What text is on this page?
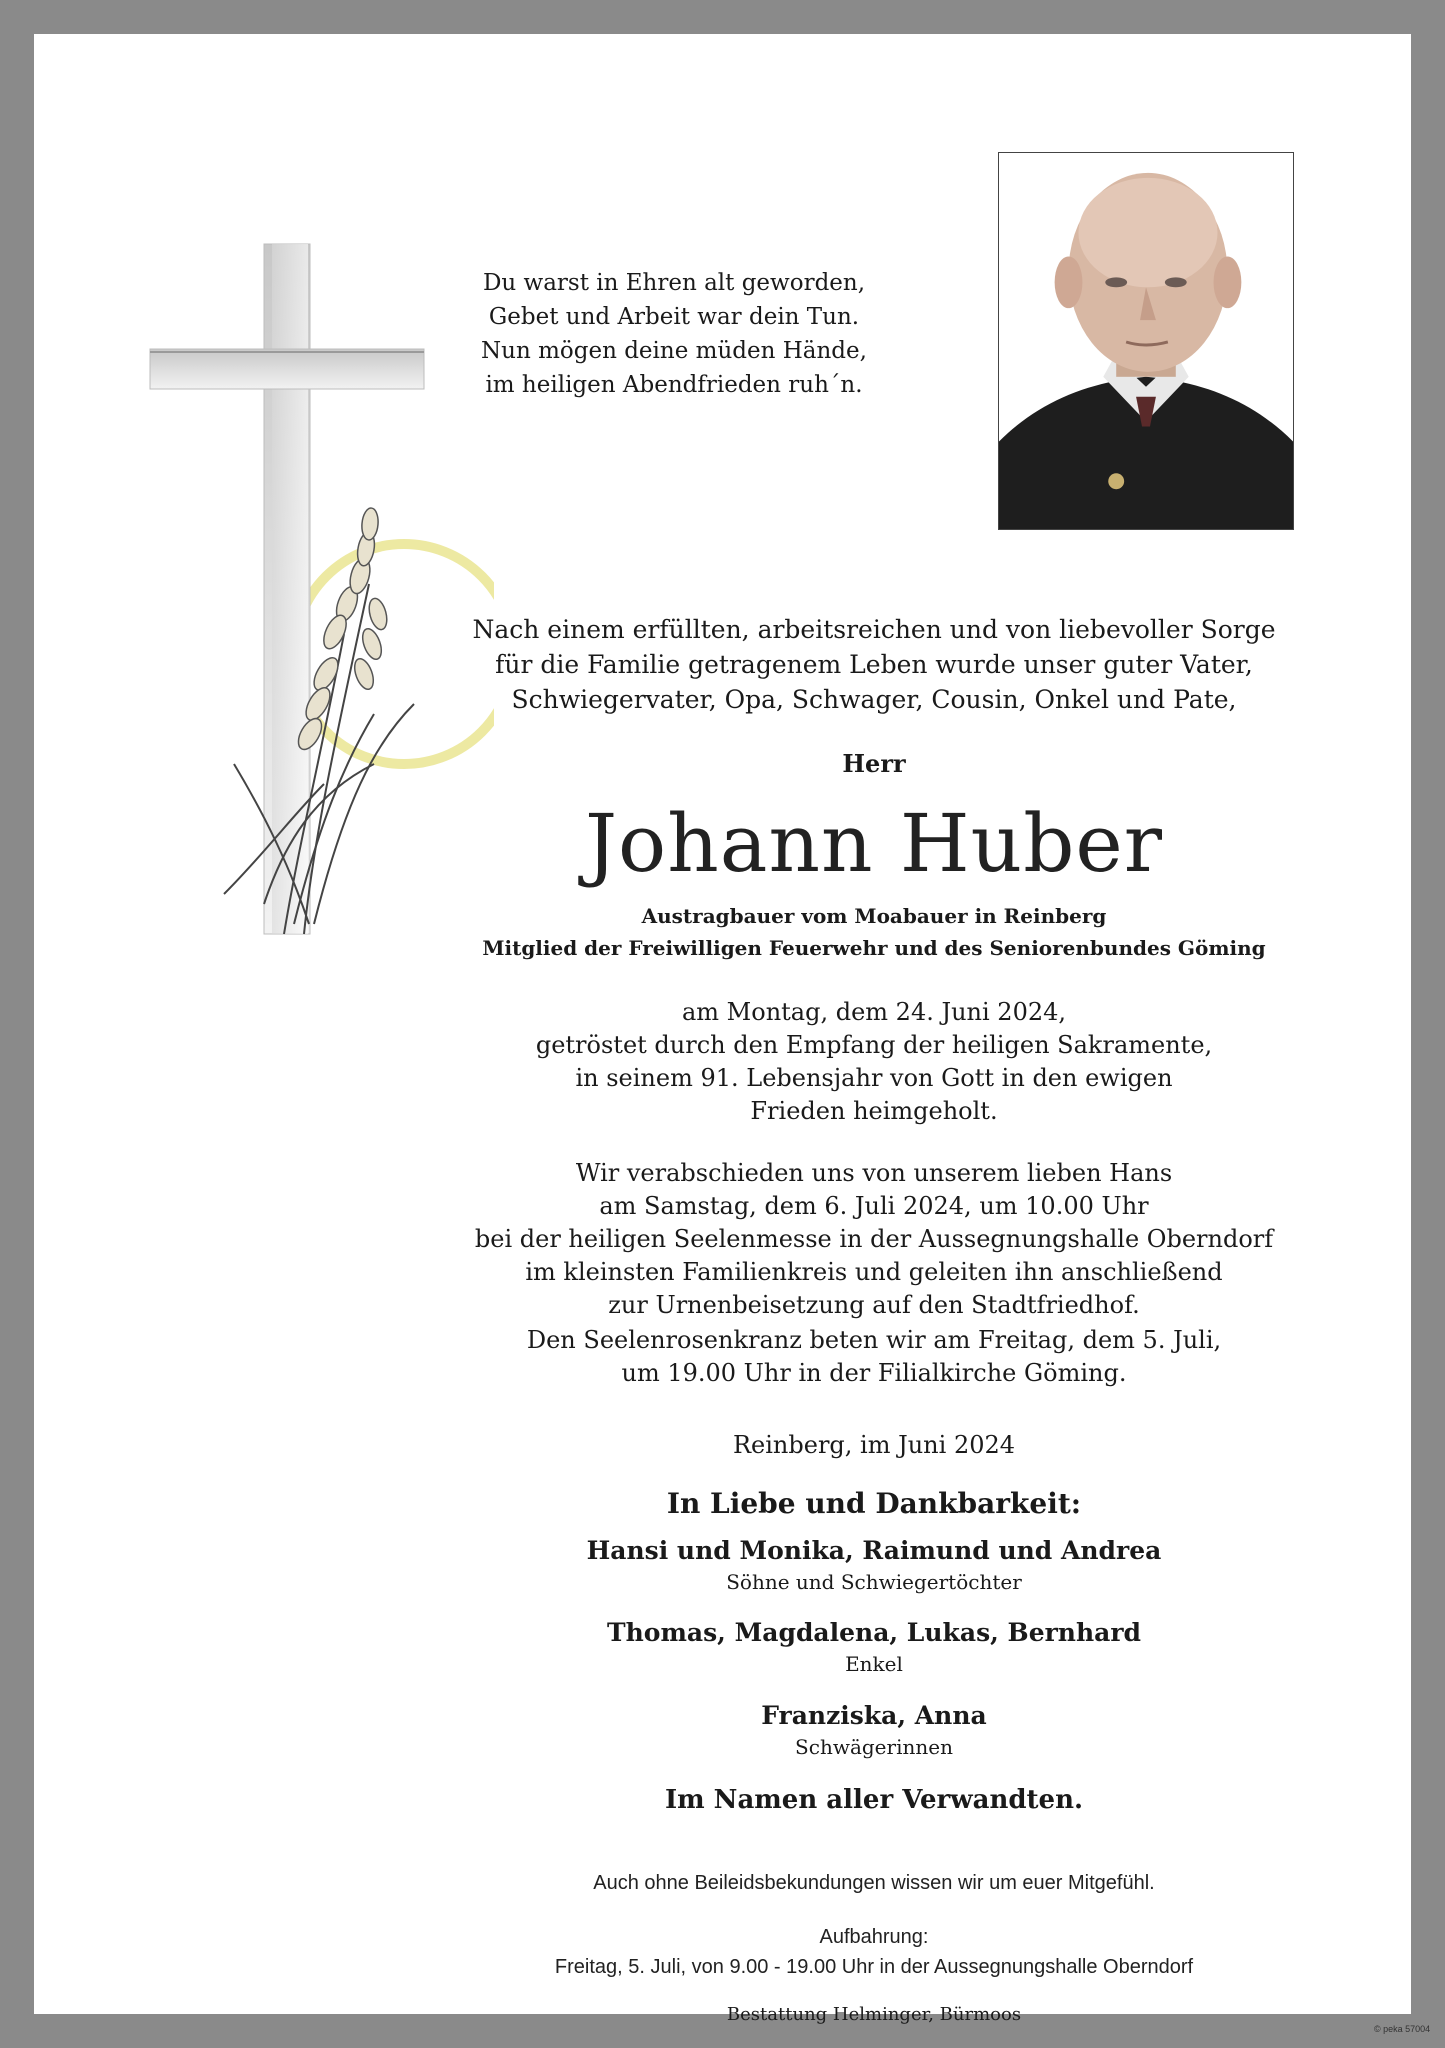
Du warst in Ehren alt geworden,
Gebet und Arbeit war dein Tun.
Nun mögen deine müden Hände,
im heiligen Abendfrieden ruh´n.
Nach einem erfüllten, arbeitsreichen und von liebevoller Sorge
für die Familie getragenem Leben wurde unser guter Vater,
Schwiegervater, Opa, Schwager, Cousin, Onkel und Pate,
Herr
Johann Huber
Austragbauer vom Moabauer in Reinberg
Mitglied der Freiwilligen Feuerwehr und des Seniorenbundes Göming
am Montag, dem 24. Juni 2024,
getröstet durch den Empfang der heiligen Sakramente,
in seinem 91. Lebensjahr von Gott in den ewigen
Frieden heimgeholt.
Wir verabschieden uns von unserem lieben Hans
am Samstag, dem 6. Juli 2024, um 10.00 Uhr
bei der heiligen Seelenmesse in der Aussegnungshalle Oberndorf
im kleinsten Familienkreis und geleiten ihn anschließend
zur Urnenbeisetzung auf den Stadtfriedhof.
Den Seelenrosenkranz beten wir am Freitag, dem 5. Juli,
um 19.00 Uhr in der Filialkirche Göming.
Reinberg, im Juni 2024
In Liebe und Dankbarkeit:
Hansi und Monika, Raimund und Andrea
Söhne und Schwiegertöchter
Thomas, Magdalena, Lukas, Bernhard
Enkel
Franziska, Anna
Schwägerinnen
Im Namen aller Verwandten.
Auch ohne Beileidsbekundungen wissen wir um euer Mitgefühl.
Aufbahrung:
Freitag, 5. Juli, von 9.00 - 19.00 Uhr in der Aussegnungshalle Oberndorf
Bestattung Helminger, Bürmoos
© peka 57004
